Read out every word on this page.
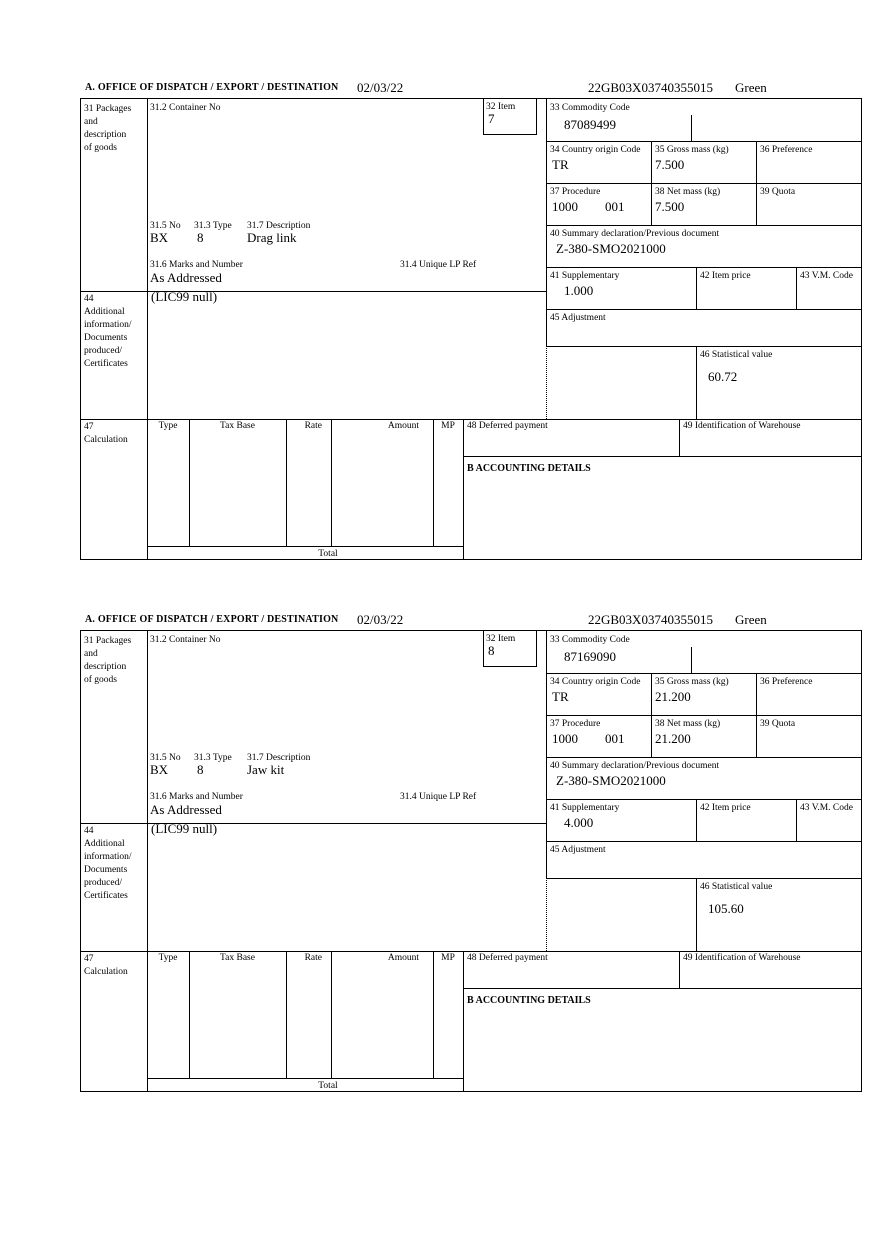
A. OFFICE OF DISPATCH / EXPORT / DESTINATION 02/03/22	22GB03X03740355015 Green
31 Packages
and
description
of goods
44
Additional
information/
Documents
produced/
Certificates
47
Calculation
31.2 Container No
31.5 No 31.3 Type 31.7 Description
BX 8	Drag link
31.6 Marks and Number	31.4 Unique LP Ref
As Addressed
32 Item
7
33 Commodity Code
87089499
34 Country origin Code
TR
35 Gross mass (kg)
7.500
36 Preference
37 Procedure
1000 001
38 Net mass (kg)
7.500
39 Quota
40 Summary declaration/Previous document
Z-380-SMO2021000
41 Supplementary
1.000
42 Item price	43 V.M. Code
45 Adjustment
46 Statistical value
60.72
(LIC99 null)
Type	Tax Base	Rate	Amount	MP
Total
48 Deferred payment	49 Identification of Warehouse
B ACCOUNTING DETAILS
A. OFFICE OF DISPATCH / EXPORT / DESTINATION 02/03/22	22GB03X03740355015 Green
31 Packages
and
description
of goods
44
Additional
information/
Documents
produced/
Certificates
47
Calculation
31.2 Container No
31.5 No 31.3 Type 31.7 Description
BX 8	Jaw kit
31.6 Marks and Number	31.4 Unique LP Ref
As Addressed
32 Item
8
33 Commodity Code
87169090
34 Country origin Code
TR
35 Gross mass (kg)
21.200
36 Preference
37 Procedure
1000 001
38 Net mass (kg)
21.200
39 Quota
40 Summary declaration/Previous document
Z-380-SMO2021000
41 Supplementary
4.000
42 Item price	43 V.M. Code
45 Adjustment
46 Statistical value
105.60
(LIC99 null)
Type	Tax Base	Rate	Amount	MP
Total
48 Deferred payment	49 Identification of Warehouse
B ACCOUNTING DETAILS
